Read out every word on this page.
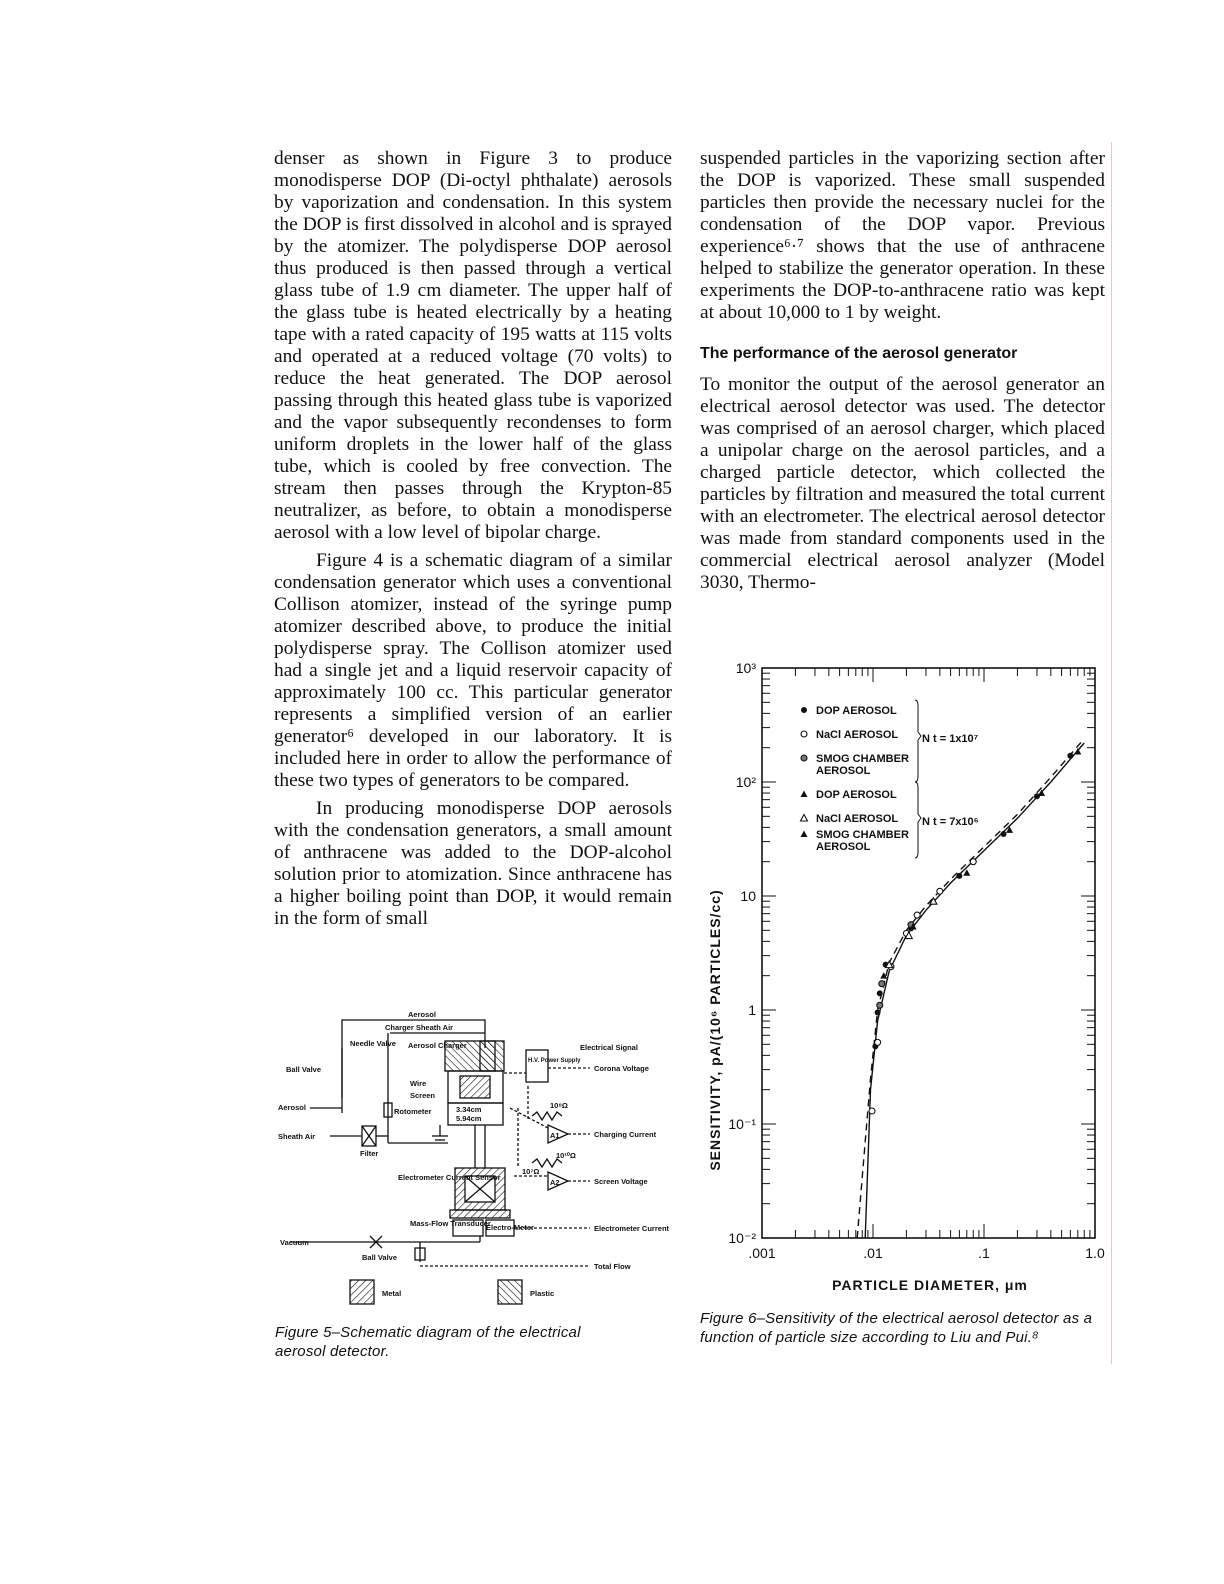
denser as shown in Figure 3 to produce monodisperse DOP (Di-octyl phthalate) aerosols by vaporization and condensation. In this system the DOP is first dissolved in alcohol and is sprayed by the atomizer. The polydisperse DOP aerosol thus produced is then passed through a vertical glass tube of 1.9 cm diameter. The upper half of the glass tube is heated electrically by a heating tape with a rated capacity of 195 watts at 115 volts and operated at a reduced voltage (70 volts) to reduce the heat generated. The DOP aerosol passing through this heated glass tube is vaporized and the vapor subsequently recondenses to form uniform droplets in the lower half of the glass tube, which is cooled by free convection. The stream then passes through the Krypton-85 neutralizer, as before, to obtain a monodisperse aerosol with a low level of bipolar charge.

Figure 4 is a schematic diagram of a similar condensation generator which uses a conventional Collison atomizer, instead of the syringe pump atomizer described above, to produce the initial polydisperse spray. The Collison atomizer used had a single jet and a liquid reservoir capacity of approximately 100 cc. This particular generator represents a simplified version of an earlier generator⁶ developed in our laboratory. It is included here in order to allow the performance of these two types of generators to be compared.

In producing monodisperse DOP aerosols with the condensation generators, a small amount of anthracene was added to the DOP-alcohol solution prior to atomization. Since anthracene has a higher boiling point than DOP, it would remain in the form of small

suspended particles in the vaporizing section after the DOP is vaporized. These small suspended particles then provide the necessary nuclei for the condensation of the DOP vapor. Previous experience⁶·⁷ shows that the use of anthracene helped to stabilize the generator operation. In these experiments the DOP-to-anthracene ratio was kept at about 10,000 to 1 by weight.

The performance of the aerosol generator

To monitor the output of the aerosol generator an electrical aerosol detector was used. The detector was comprised of an aerosol charger, which placed a unipolar charge on the aerosol particles, and a charged particle detector, which collected the particles by filtration and measured the total current with an electrometer. The electrical aerosol detector was made from standard components used in the commercial electrical aerosol analyzer (Model 3030, Thermo-

Aerosol
Charger Sheath Air
Needle Valve Aerosol Charger
Ball Valve
Aerosol
Wire
Screen
Rotometer	3.34cm
5.94cm
Sheath Air
Filter
Electrometer Current Sensor
Mass-Flow Transducer
Electro-Meter
Vacuum
Ball Valve
Electrical Signal
H.V. Power Supply
Corona Voltage
10⁸Ω
A1	Charging Current
10¹⁰Ω
10⁷Ω
A2	Screen Voltage
Electrometer Current
Total Flow
Metal	Plastic
Figure 5–Schematic diagram of the electrical aerosol detector.
.001	.01	.1	1.0
10⁻²
10⁻¹
1
10
10²
10³
DOP AEROSOL
NaCl AEROSOL
SMOG CHAMBER
AEROSOL
DOP AEROSOL
NaCl AEROSOL
SMOG CHAMBER
AEROSOL
N t = 1x10⁷
N t = 7x10⁶
PARTICLE DIAMETER, μm
SENSITIVITY, pA/(10⁶ PARTICLES/cc)
Figure 6–Sensitivity of the electrical aerosol detector as a function of particle size according to Liu and Pui.⁸
